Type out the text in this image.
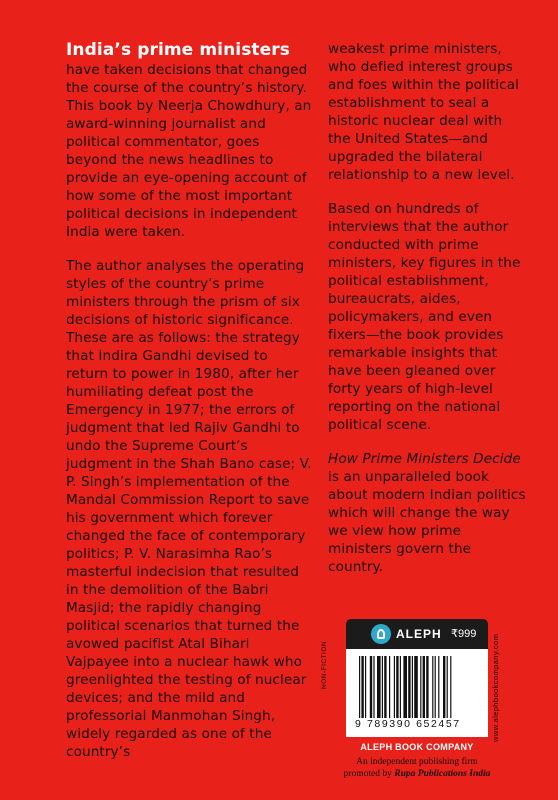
India’s prime ministers
have taken decisions that changed the course of the country’s history. This book by Neerja Chowdhury, an award-winning journalist and political commentator, goes beyond the news headlines to provide an eye-opening account of how some of the most important political decisions in independent India were taken.

The author analyses the operating styles of the country’s prime ministers through the prism of six decisions of historic significance. These are as follows: the strategy that Indira Gandhi devised to return to power in 1980, after her humiliating defeat post the Emergency in 1977; the errors of judgment that led Rajiv Gandhi to undo the Supreme Court’s judgment in the Shah Bano case; V. P. Singh’s implementation of the Mandal Commission Report to save his government which forever changed the face of contemporary politics; P. V. Narasimha Rao’s masterful indecision that resulted in the demolition of the Babri Masjid; the rapidly changing political scenarios that turned the avowed pacifist Atal Bihari Vajpayee into a nuclear hawk who greenlighted the testing of nuclear devices; and the mild and professorial Manmohan Singh, widely regarded as one of the country’s

weakest prime ministers, who defied interest groups and foes within the political establishment to seal a historic nuclear deal with the United States—and upgraded the bilateral relationship to a new level.

Based on hundreds of interviews that the author conducted with prime ministers, key figures in the political establishment, bureaucrats, aides, policymakers, and even fixers—the book provides remarkable insights that have been gleaned over forty years of high-level reporting on the national political scene.

How Prime Ministers Decide is an unparalleled book about modern Indian politics which will change the way we view how prime ministers govern the country.

NON-FICTION
ALEPH ₹999
9 789390 652457	www.alephbookcompany.com
ALEPH BOOK COMPANY
An independent publishing firm
promoted by Rupa Publications India
